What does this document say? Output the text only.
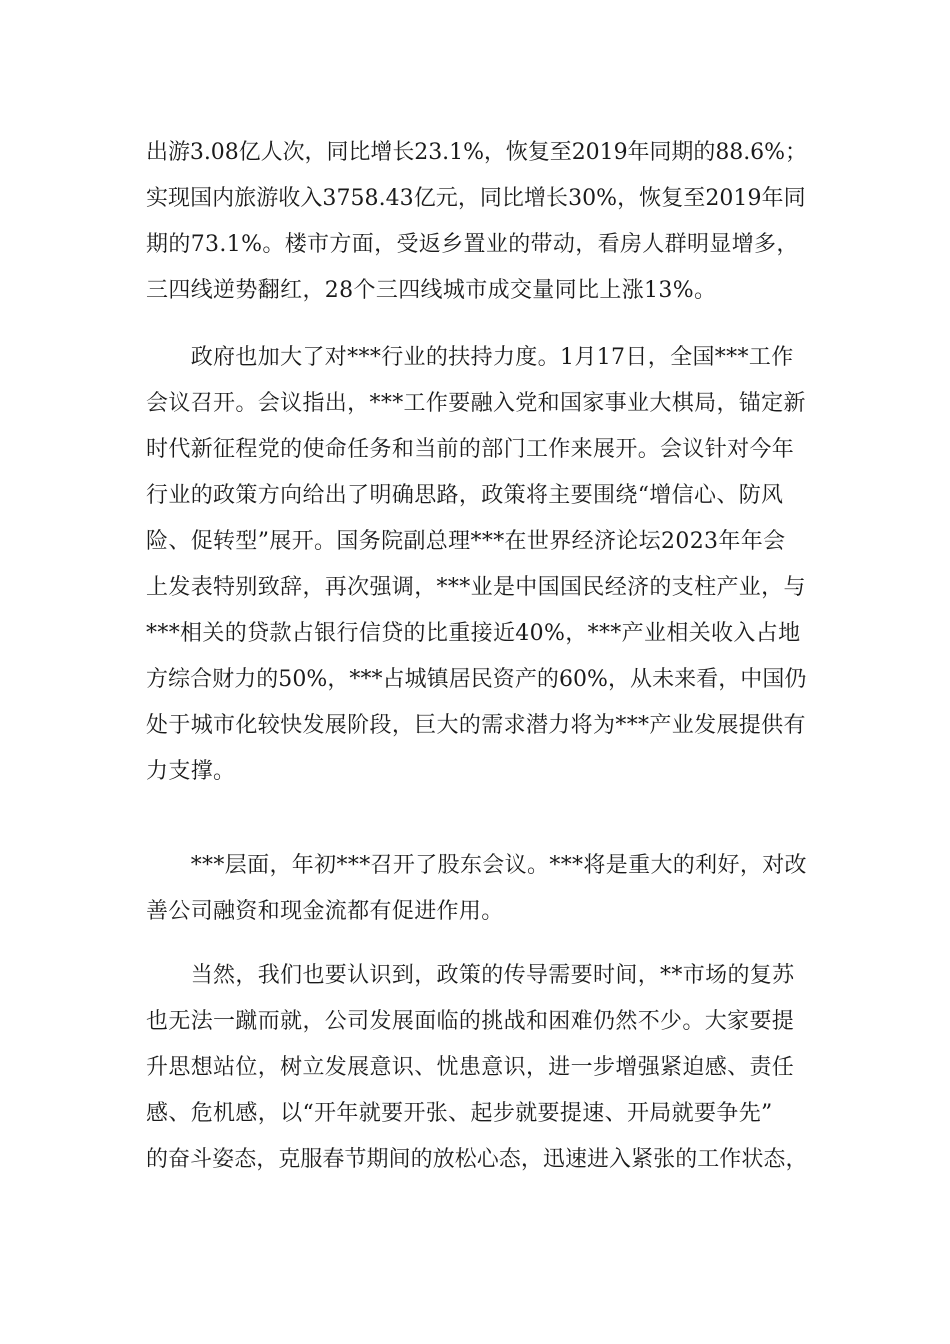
出游3.08亿人次，同比增长23.1%，恢复至2019年同期的88.6%；
实现国内旅游收入3758.43亿元，同比增长30%，恢复至2019年同
期的73.1%。楼市方面，受返乡置业的带动，看房人群明显增多，
三四线逆势翻红，28个三四线城市成交量同比上涨13%。

　　政府也加大了对***行业的扶持力度。1月17日，全国***工作
会议召开。会议指出，***工作要融入党和国家事业大棋局，锚定新
时代新征程党的使命任务和当前的部门工作来展开。会议针对今年
行业的政策方向给出了明确思路，政策将主要围绕“增信心、防风
险、促转型”展开。国务院副总理***在世界经济论坛2023年年会
上发表特别致辞，再次强调，***业是中国国民经济的支柱产业，与
***相关的贷款占银行信贷的比重接近40%，***产业相关收入占地
方综合财力的50%，***占城镇居民资产的60%，从未来看，中国仍
处于城市化较快发展阶段，巨大的需求潜力将为***产业发展提供有
力支撑。

　　***层面，年初***召开了股东会议。***将是重大的利好，对改
善公司融资和现金流都有促进作用。

　　当然，我们也要认识到，政策的传导需要时间，**市场的复苏
也无法一蹴而就，公司发展面临的挑战和困难仍然不少。大家要提
升思想站位，树立发展意识、忧患意识，进一步增强紧迫感、责任
感、危机感，以“开年就要开张、起步就要提速、开局就要争先”
的奋斗姿态，克服春节期间的放松心态，迅速进入紧张的工作状态，
